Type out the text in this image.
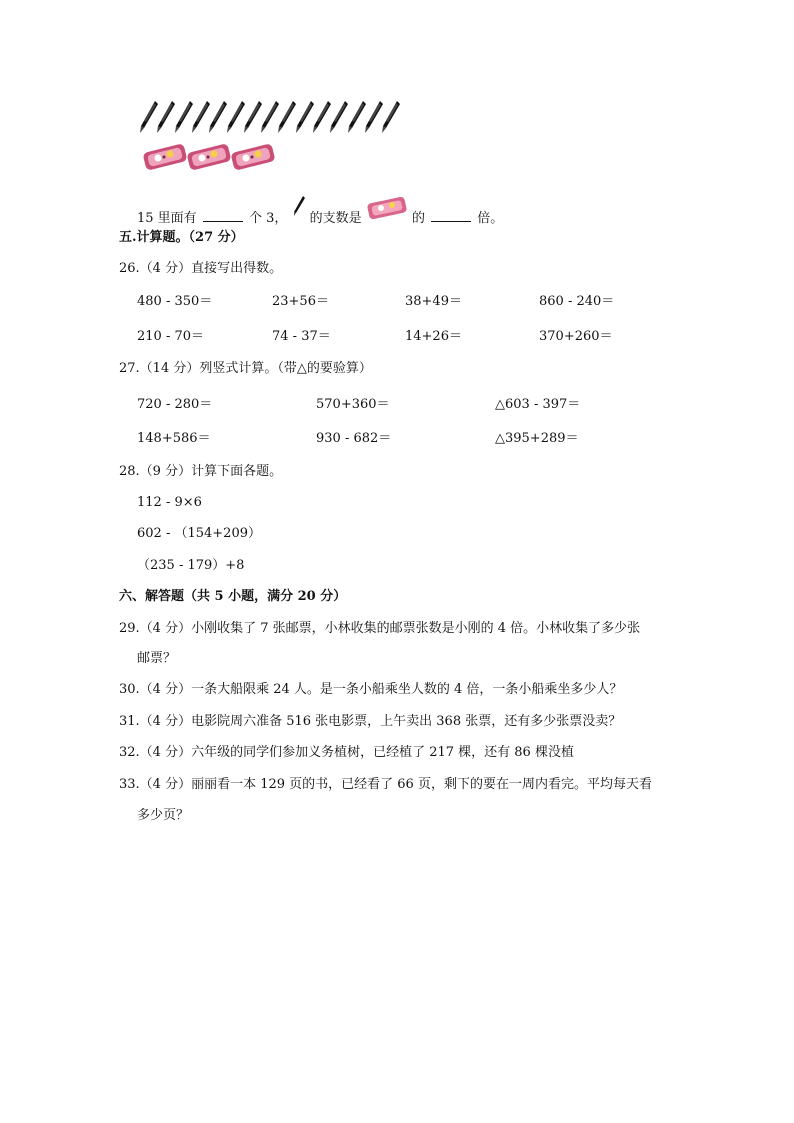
15 里面有	个 3， 的支数是	的	倍。
五.计算题。（27 分）
26.（4 分）直接写出得数。
480 - 350＝	23+56＝	38+49＝	860 - 240＝
210 - 70＝	74 - 37＝	14+26＝	370+260＝
27.（14 分）列竖式计算。（带△的要验算）
720 - 280＝	570+360＝	△603 - 397＝
148+586＝	930 - 682＝	△395+289＝
28.（9 分）计算下面各题。
112 - 9×6
602 - （154+209）
（235 - 179）+8
六、解答题（共 5 小题，满分 20 分）
29.（4 分）小刚收集了 7 张邮票，小林收集的邮票张数是小刚的 4 倍。小林收集了多少张
邮票？
30.（4 分）一条大船限乘 24 人。是一条小船乘坐人数的 4 倍，一条小船乘坐多少人？
31.（4 分）电影院周六准备 516 张电影票，上午卖出 368 张票，还有多少张票没卖？
32.（4 分）六年级的同学们参加义务植树，已经植了 217 棵，还有 86 棵没植
33.（4 分）丽丽看一本 129 页的书，已经看了 66 页，剩下的要在一周内看完。平均每天看
多少页？
